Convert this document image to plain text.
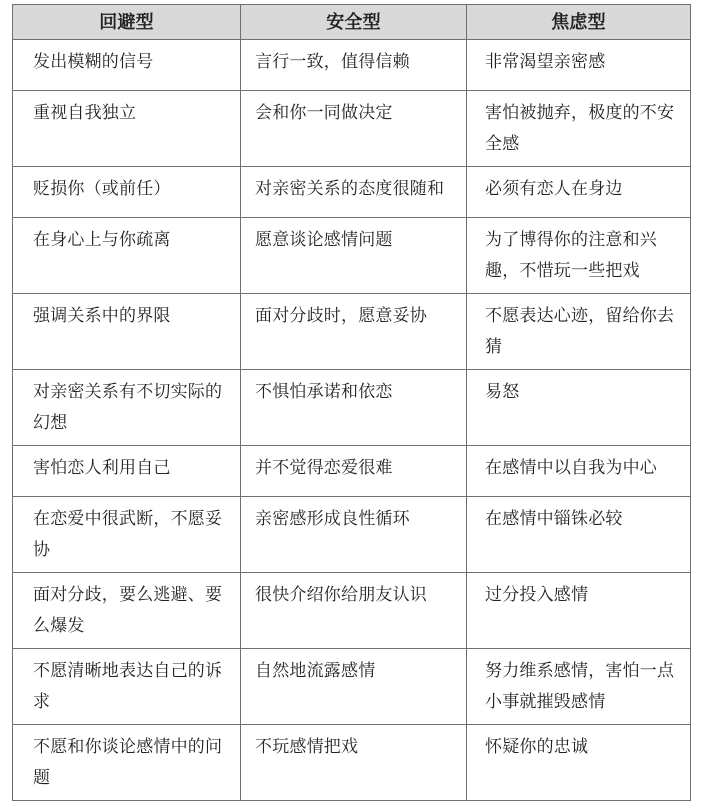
回避型	安全型	焦虑型
发出模糊的信号	言行一致，值得信赖	非常渴望亲密感
重视自我独立	会和你一同做决定	害怕被抛弃，极度的不安全感
贬损你（或前任）	对亲密关系的态度很随和	必须有恋人在身边
在身心上与你疏离	愿意谈论感情问题	为了博得你的注意和兴趣，不惜玩一些把戏
强调关系中的界限	面对分歧时，愿意妥协	不愿表达心迹，留给你去猜
对亲密关系有不切实际的幻想	不惧怕承诺和依恋	易怒
害怕恋人利用自己	并不觉得恋爱很难	在感情中以自我为中心
在恋爱中很武断，不愿妥协	亲密感形成良性循环	在感情中锱铢必较
面对分歧，要么逃避、要么爆发	很快介绍你给朋友认识	过分投入感情
不愿清晰地表达自己的诉求	自然地流露感情	努力维系感情，害怕一点小事就摧毁感情
不愿和你谈论感情中的问题	不玩感情把戏	怀疑你的忠诚
